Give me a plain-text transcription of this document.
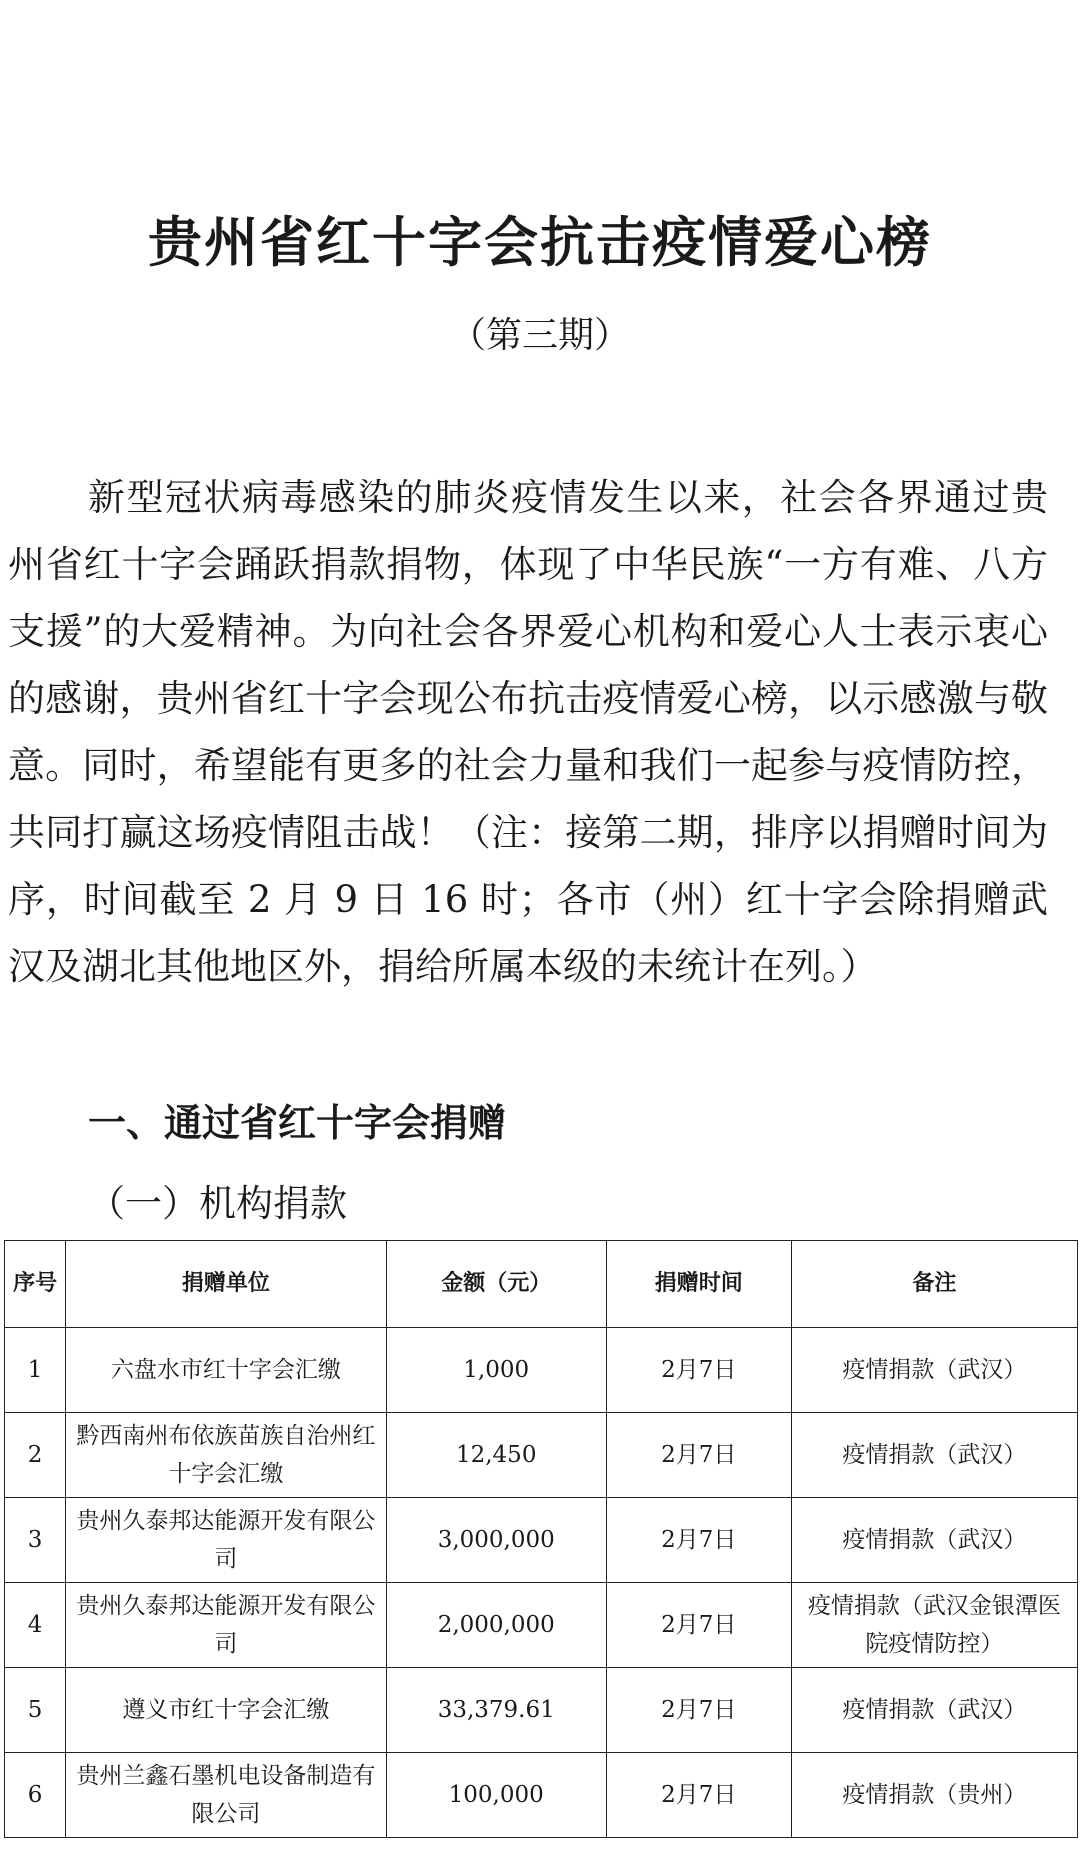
贵州省红十字会抗击疫情爱心榜
（第三期）

新型冠状病毒感染的肺炎疫情发生以来，社会各界通过贵州省红十字会踊跃捐款捐物，体现了中华民族“一方有难、八方支援”的大爱精神。为向社会各界爱心机构和爱心人士表示衷心的感谢，贵州省红十字会现公布抗击疫情爱心榜，以示感激与敬意。同时，希望能有更多的社会力量和我们一起参与疫情防控，共同打赢这场疫情阻击战！（注：接第二期，排序以捐赠时间为序，时间截至 2 月 9 日 16 时；各市（州）红十字会除捐赠武汉及湖北其他地区外，捐给所属本级的未统计在列。）

一、通过省红十字会捐赠
（一）机构捐款
序号	捐赠单位	金额（元）	捐赠时间	备注
1	六盘水市红十字会汇缴	1,000	2月7日	疫情捐款（武汉）
2	黔西南州布依族苗族自治州红十字会汇缴	12,450	2月7日	疫情捐款（武汉）
3	贵州久泰邦达能源开发有限公司	3,000,000	2月7日	疫情捐款（武汉）
4	贵州久泰邦达能源开发有限公司	2,000,000	2月7日	疫情捐款（武汉金银潭医院疫情防控）
5	遵义市红十字会汇缴	33,379.61	2月7日	疫情捐款（武汉）
6	贵州兰鑫石墨机电设备制造有限公司	100,000	2月7日	疫情捐款（贵州）
